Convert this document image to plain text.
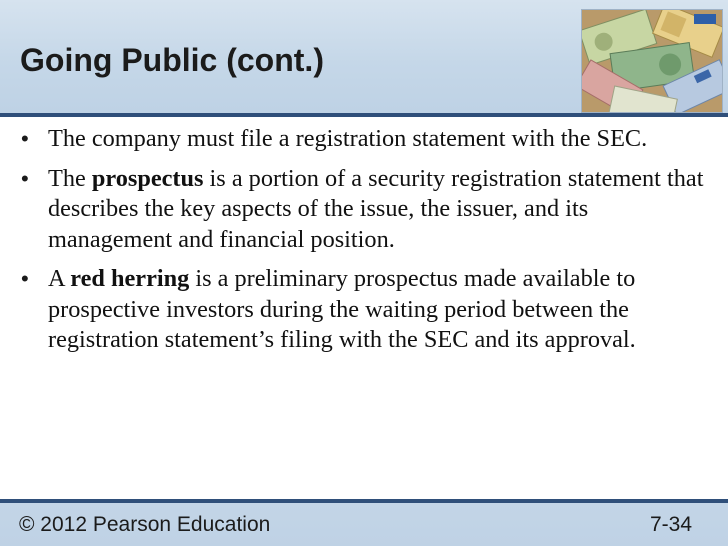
Going Public (cont.)
• The company must file a registration statement with the SEC.
• The prospectus is a portion of a security registration statement that describes the key aspects of the issue, the issuer, and its management and financial position.
• A red herring is a preliminary prospectus made available to prospective investors during the waiting period between the registration statement’s filing with the SEC and its approval.
© 2012 Pearson Education	7-34
